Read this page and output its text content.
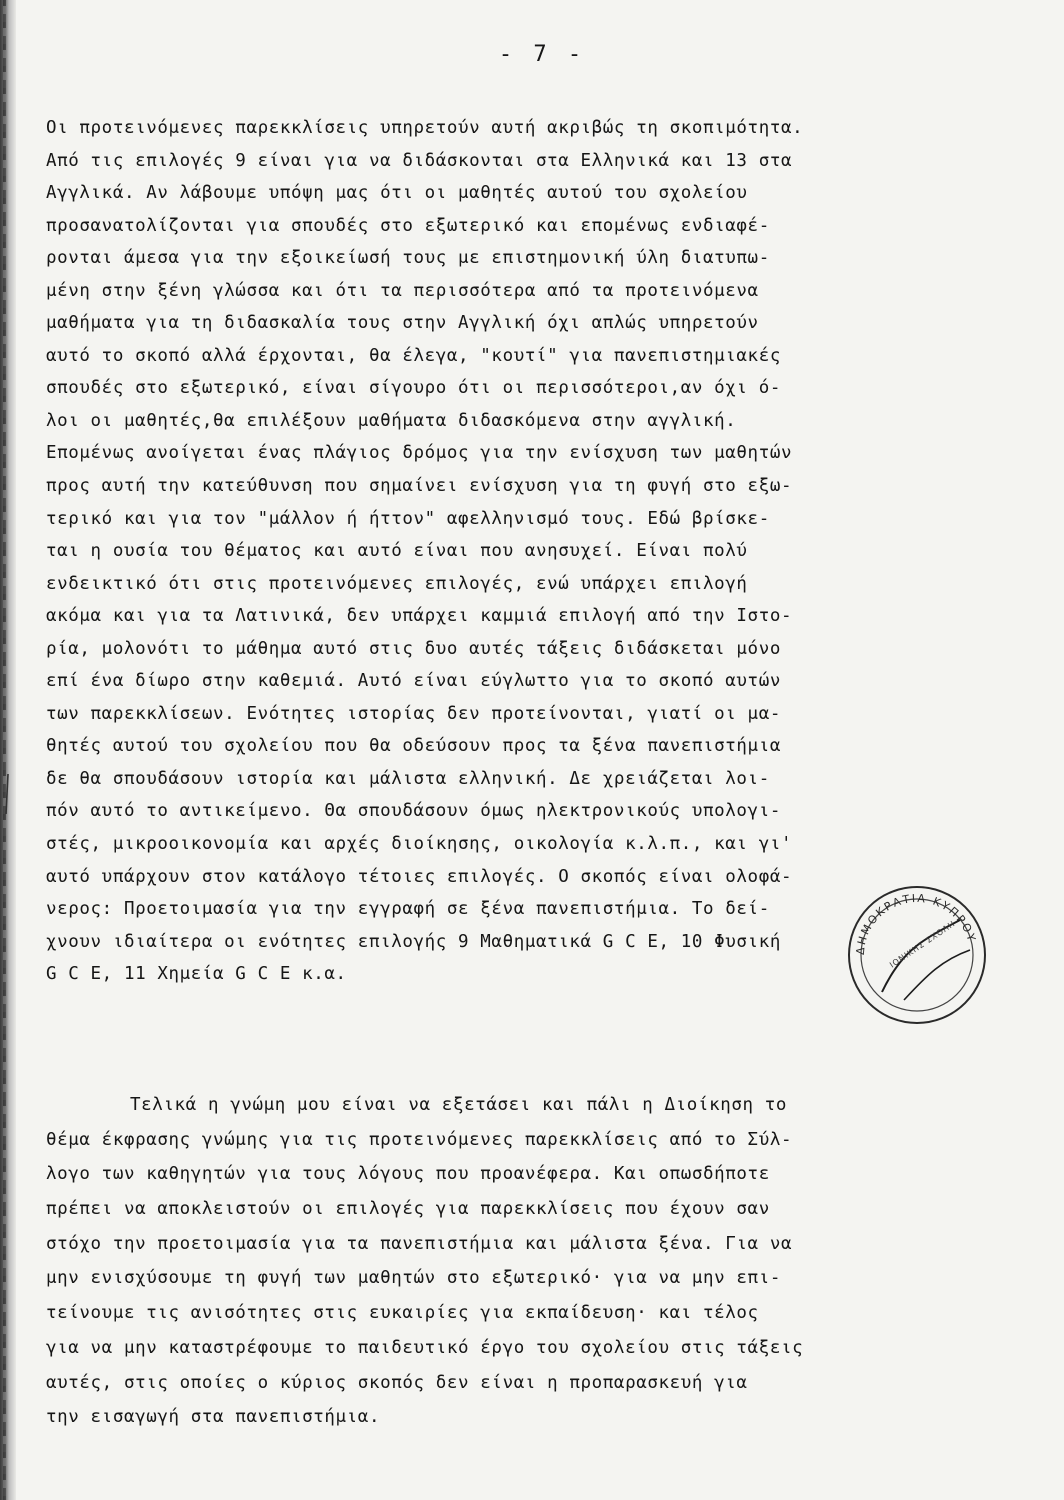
- 7 -
Οι προτεινόμενες παρεκκλίσεις υπηρετούν αυτή ακριβώς τη σκοπιμότητα.
Από τις επιλογές 9 είναι για να διδάσκονται στα Ελληνικά και 13 στα
Αγγλικά. Αν λάβουμε υπόψη μας ότι οι μαθητές αυτού του σχολείου
προσανατολίζονται για σπουδές στο εξωτερικό και επομένως ενδιαφέ-
ρονται άμεσα για την εξοικείωσή τους με επιστημονική ύλη διατυπω-
μένη στην ξένη γλώσσα και ότι τα περισσότερα από τα προτεινόμενα
μαθήματα για τη διδασκαλία τους στην Αγγλική όχι απλώς υπηρετούν
αυτό το σκοπό αλλά έρχονται, θα έλεγα, "κουτί" για πανεπιστημιακές
σπουδές στο εξωτερικό, είναι σίγουρο ότι οι περισσότεροι,αν όχι ό-
λοι οι μαθητές,θα επιλέξουν μαθήματα διδασκόμενα στην αγγλική.
Επομένως ανοίγεται ένας πλάγιος δρόμος για την ενίσχυση των μαθητών
προς αυτή την κατεύθυνση που σημαίνει ενίσχυση για τη φυγή στο εξω-
τερικό και για τον "μάλλον ή ήττον" αφελληνισμό τους. Εδώ βρίσκε-
ται η ουσία του θέματος και αυτό είναι που ανησυχεί. Είναι πολύ
ενδεικτικό ότι στις προτεινόμενες επιλογές, ενώ υπάρχει επιλογή
ακόμα και για τα Λατινικά, δεν υπάρχει καμμιά επιλογή από την Ιστο-
ρία, μολονότι το μάθημα αυτό στις δυο αυτές τάξεις διδάσκεται μόνο
επί ένα δίωρο στην καθεμιά. Αυτό είναι εύγλωττο για το σκοπό αυτών
των παρεκκλίσεων. Ενότητες ιστορίας δεν προτείνονται, γιατί οι μα-
θητές αυτού του σχολείου που θα οδεύσουν προς τα ξένα πανεπιστήμια
δε θα σπουδάσουν ιστορία και μάλιστα ελληνική. Δε χρειάζεται λοι-
πόν αυτό το αντικείμενο. Θα σπουδάσουν όμως ηλεκτρονικούς υπολογι-
στές, μικροοικονομία και αρχές διοίκησης, οικολογία κ.λ.π., και γι'
αυτό υπάρχουν στον κατάλογο τέτοιες επιλογές. Ο σκοπός είναι ολοφά-
νερος: Προετοιμασία για την εγγραφή σε ξένα πανεπιστήμια. Το δεί-
χνουν ιδιαίτερα οι ενότητες επιλογής 9 Μαθηματικά G C E, 10 Φυσική
G C E, 11 Χημεία G C E κ.α.
Τελικά η γνώμη μου είναι να εξετάσει και πάλι η Διοίκηση το
θέμα έκφρασης γνώμης για τις προτεινόμενες παρεκκλίσεις από το Σύλ-
λογο των καθηγητών για τους λόγους που προανέφερα. Και οπωσδήποτε
πρέπει να αποκλειστούν οι επιλογές για παρεκκλίσεις που έχουν σαν
στόχο την προετοιμασία για τα πανεπιστήμια και μάλιστα ξένα. Για να
μην ενισχύσουμε τη φυγή των μαθητών στο εξωτερικό· για να μην επι-
τείνουμε τις ανισότητες στις ευκαιρίες για εκπαίδευση· και τέλος
για να μην καταστρέφουμε το παιδευτικό έργο του σχολείου στις τάξεις
αυτές, στις οποίες ο κύριος σκοπός δεν είναι η προπαρασκευή για
την εισαγωγή στα πανεπιστήμια.
ΔΗΜΟΚΡΑΤΙΑ ΚΥΠΡΟΥ
ΙΟΝΙΚΗΣ ΣΧΟΛΗ
